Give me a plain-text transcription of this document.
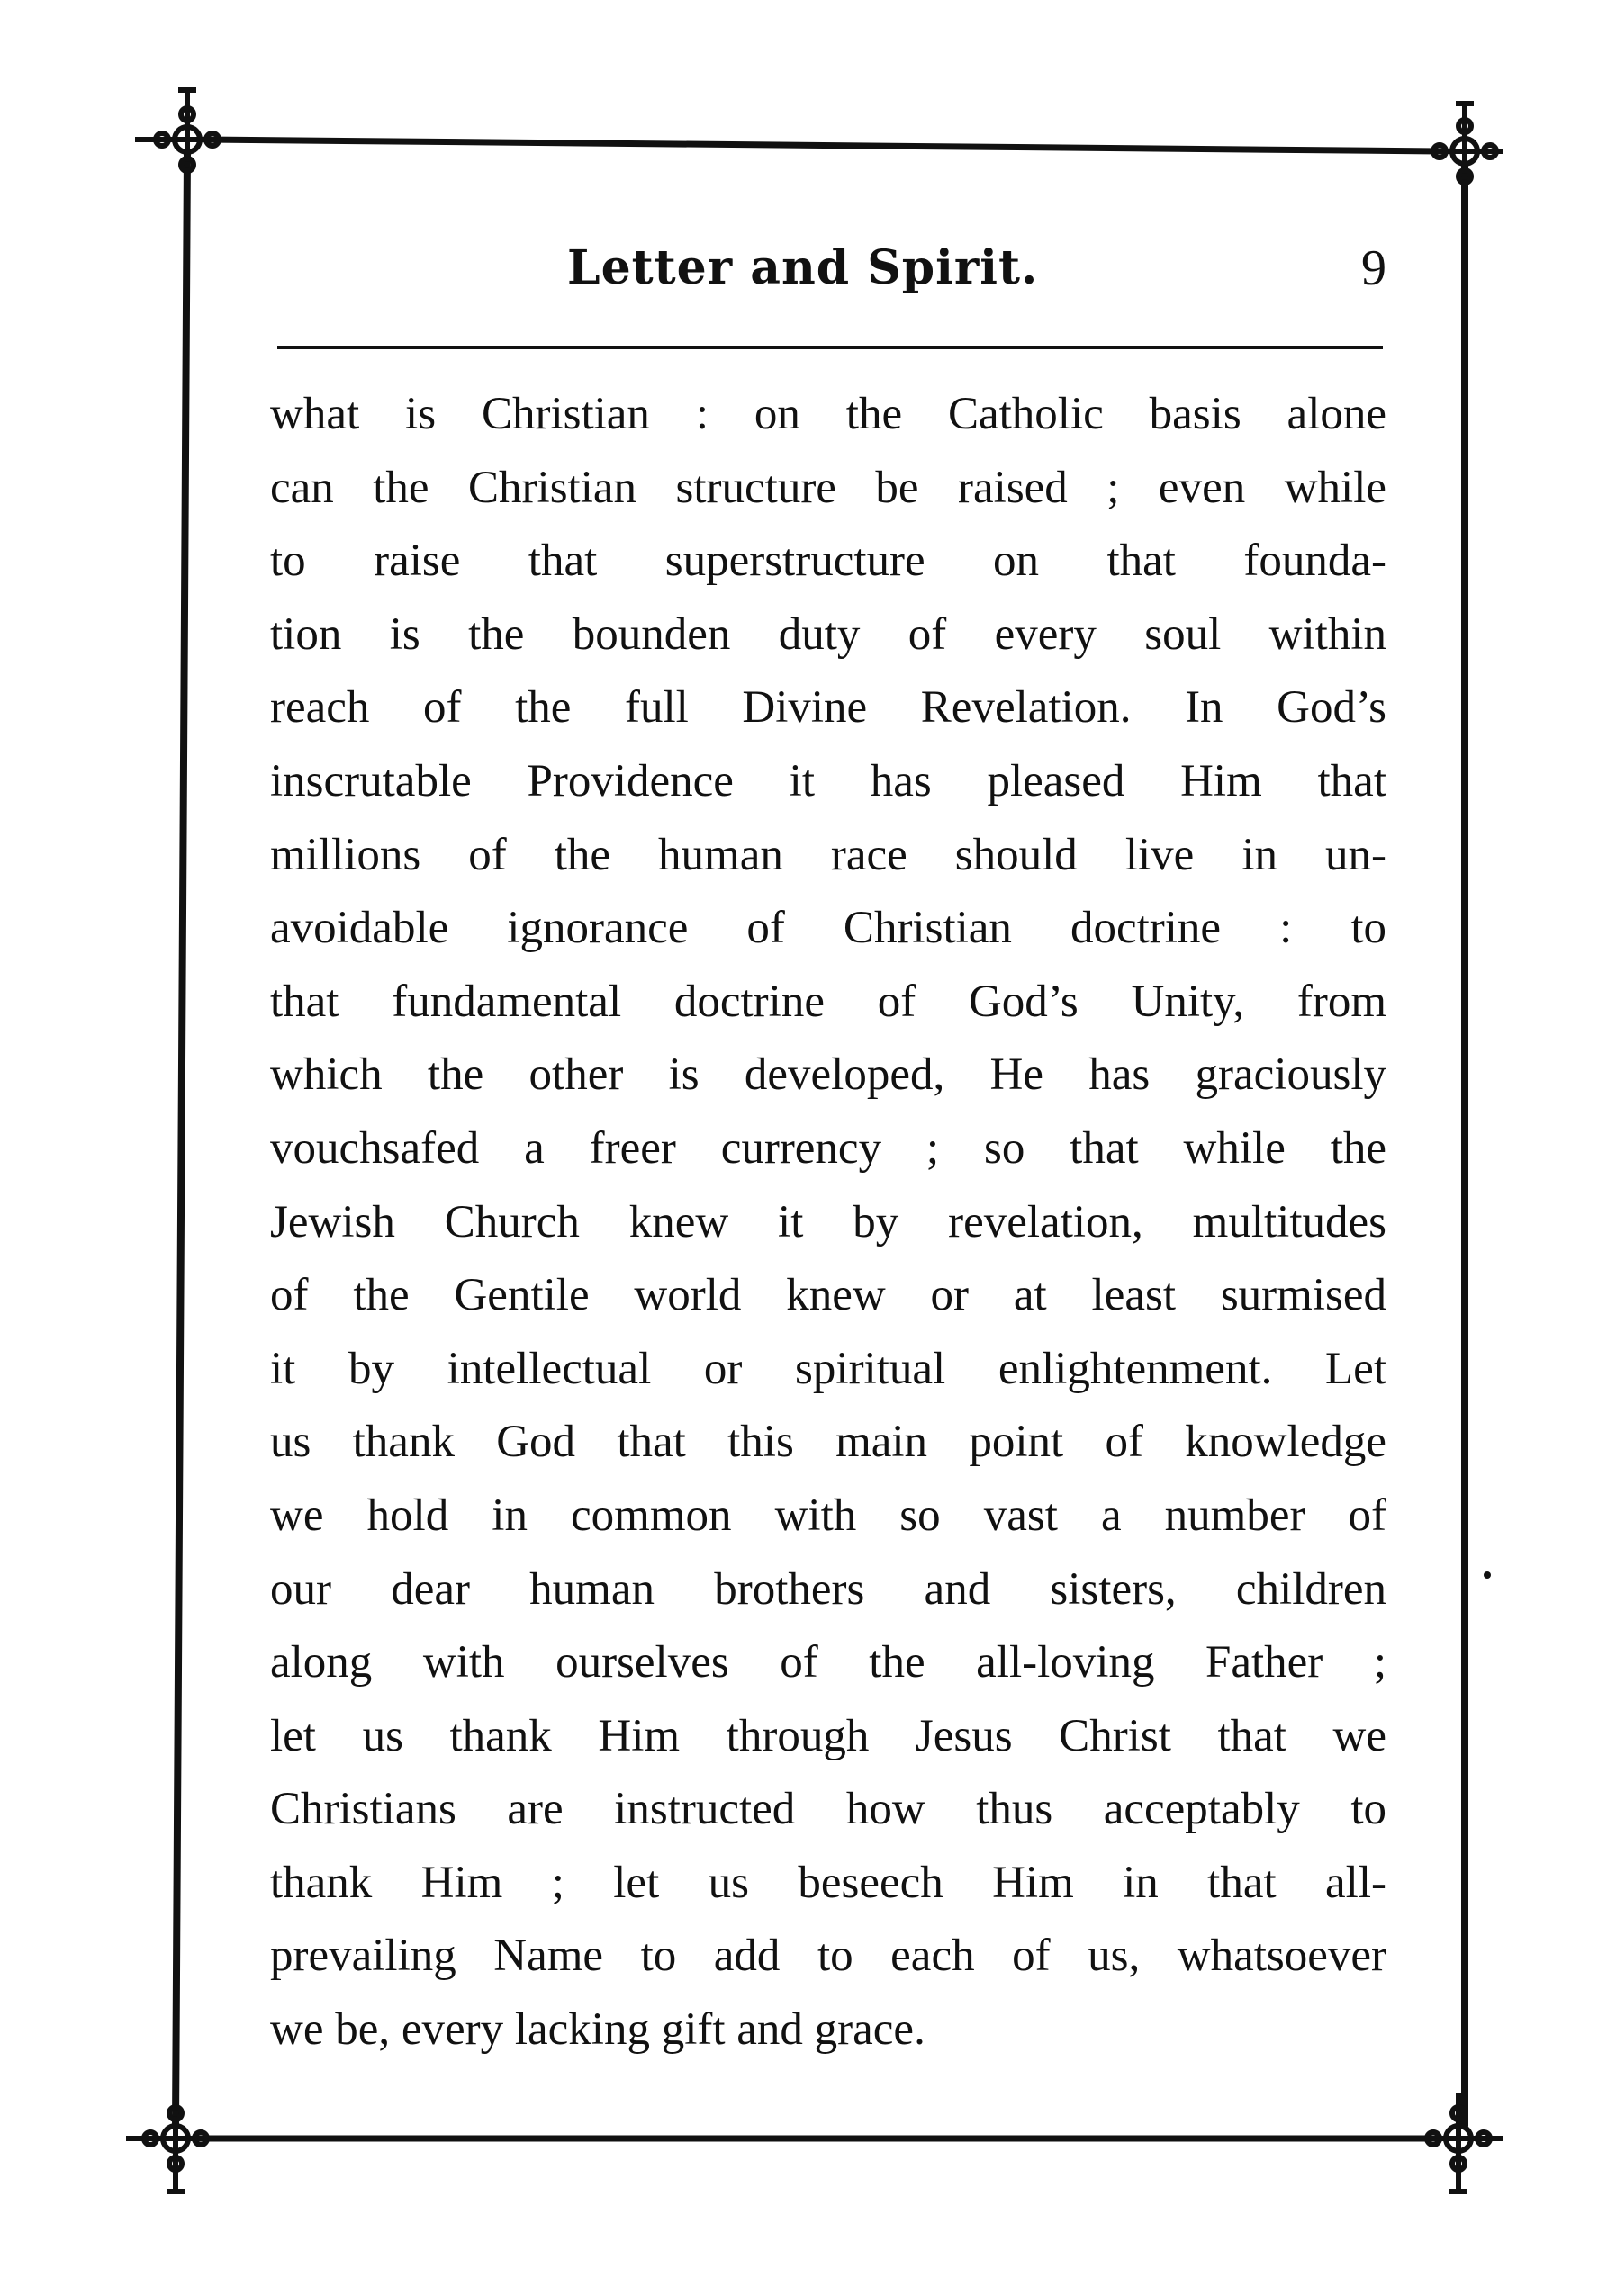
Letter and Spirit.	9
what is Christian : on the Catholic basis alone
can the Christian structure be raised ; even while
to raise that superstructure on that founda-
tion is the bounden duty of every soul within
reach of the full Divine Revelation. In God’s
inscrutable Providence it has pleased Him that
millions of the human race should live in un-
avoidable ignorance of Christian doctrine : to
that fundamental doctrine of God’s Unity, from
which the other is developed, He has graciously
vouchsafed a freer currency ; so that while the
Jewish Church knew it by revelation, multitudes
of the Gentile world knew or at least surmised
it by intellectual or spiritual enlightenment. Let
us thank God that this main point of knowledge
we hold in common with so vast a number of
our dear human brothers and sisters, children
along with ourselves of the all-loving Father ;
let us thank Him through Jesus Christ that we
Christians are instructed how thus acceptably to
thank Him ; let us beseech Him in that all-
prevailing Name to add to each of us, whatsoever
we be, every lacking gift and grace.
